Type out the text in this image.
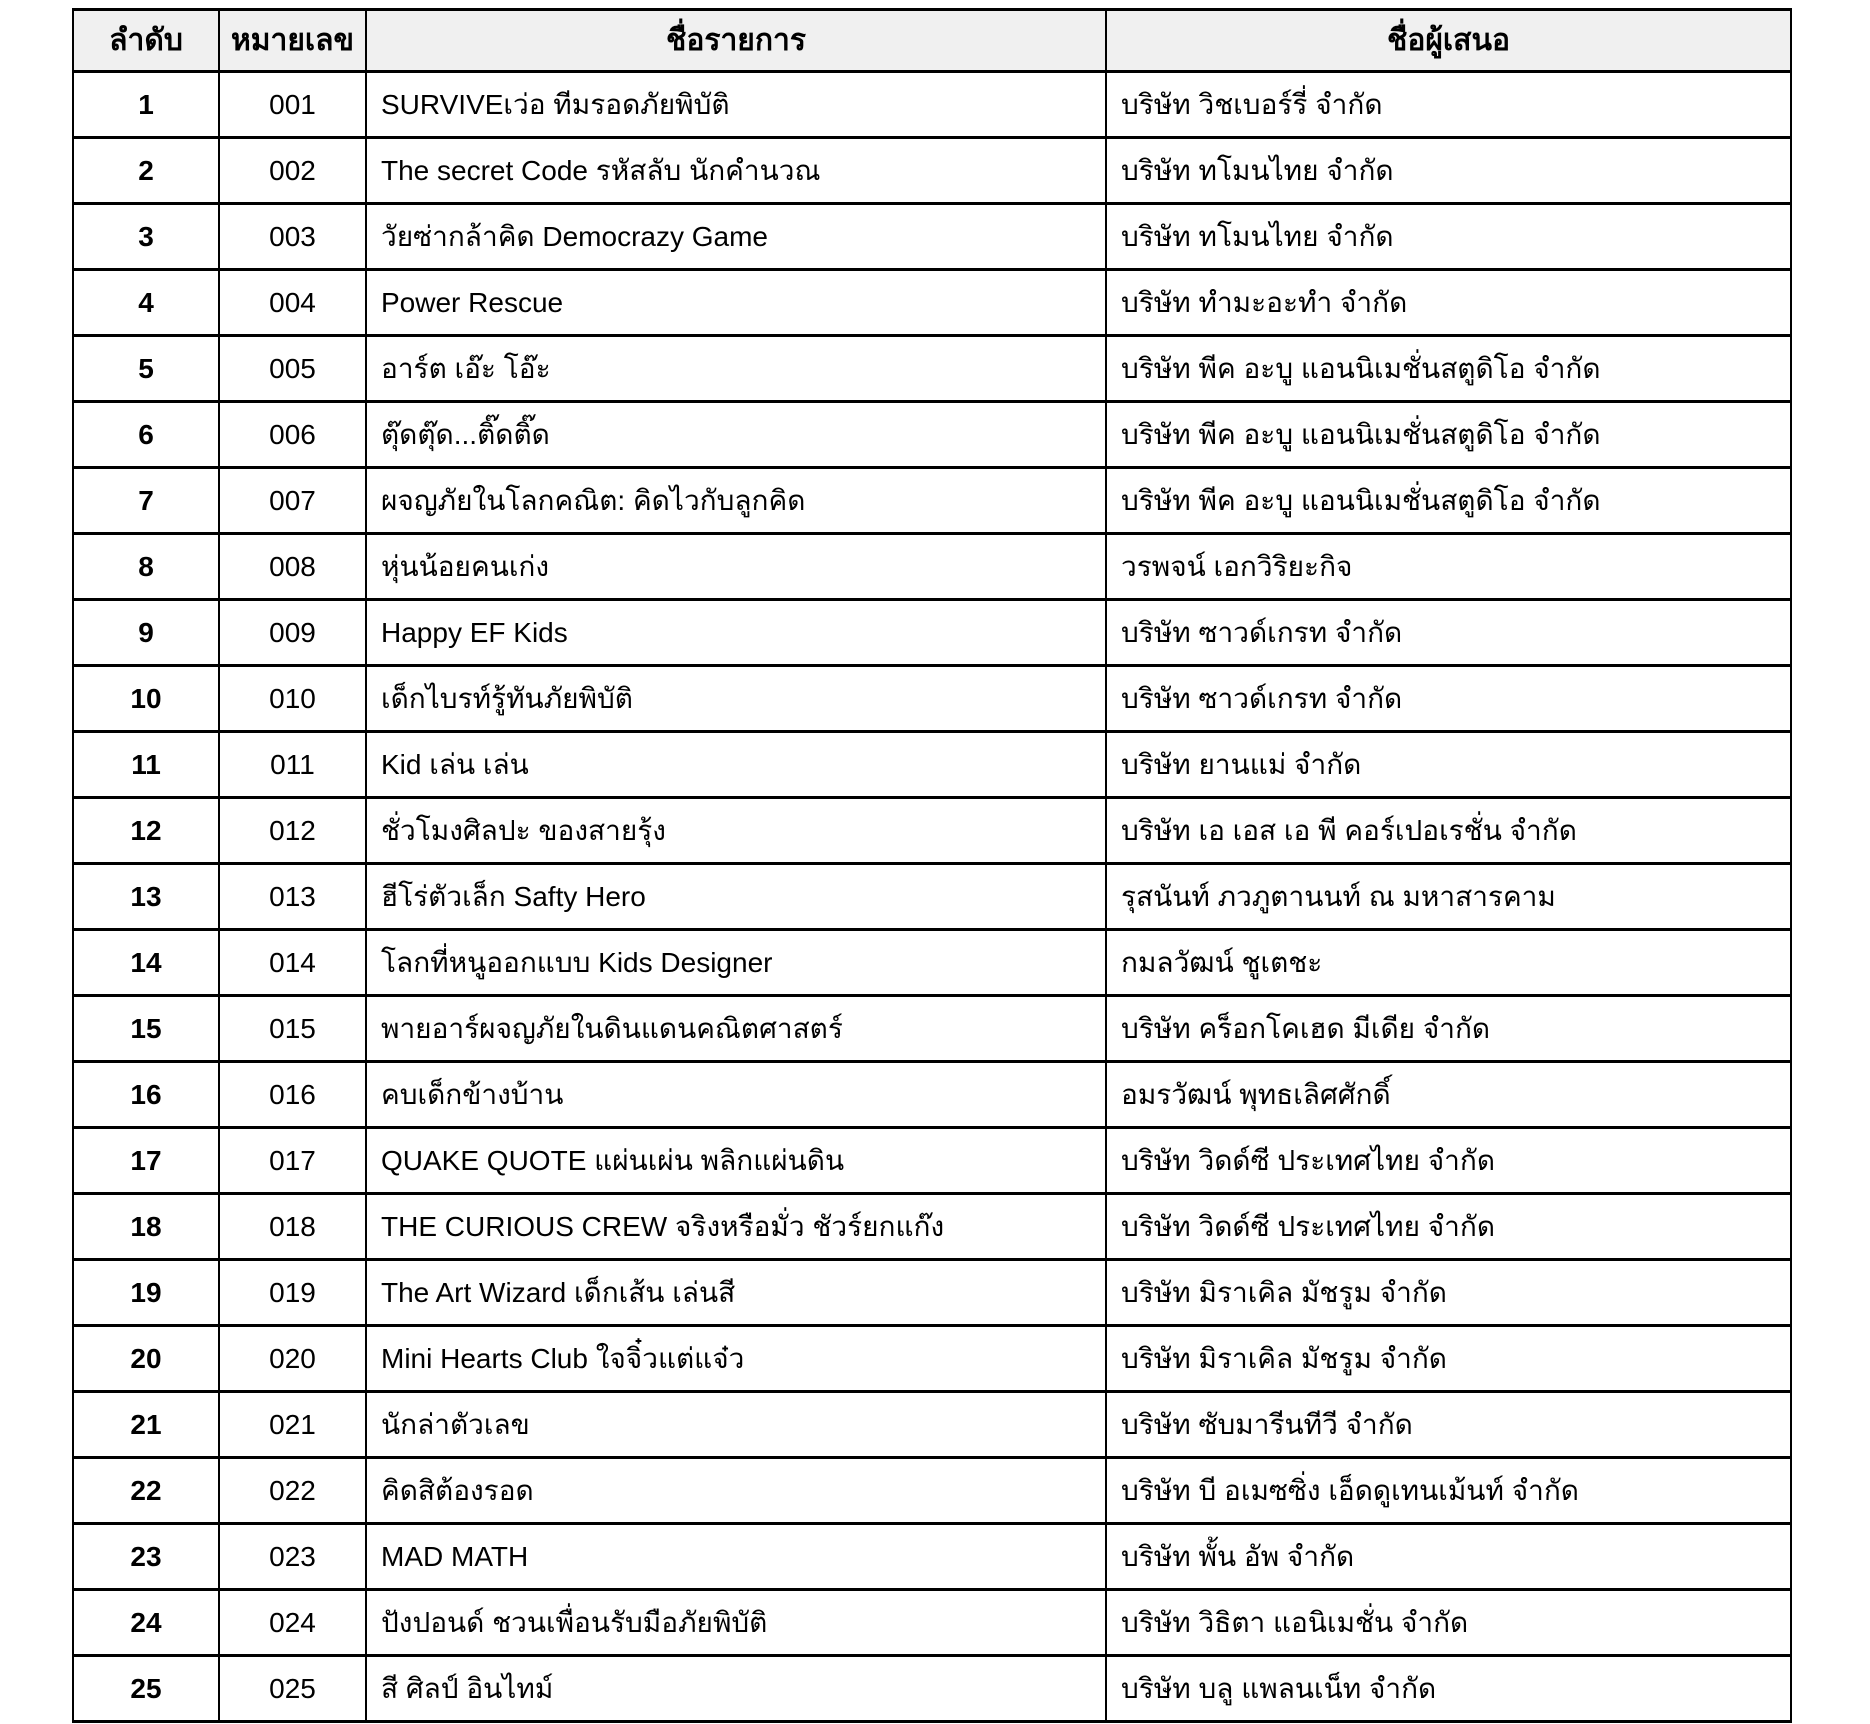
ลำดับ	หมายเลข	ชื่อรายการ	ชื่อผู้เสนอ
1	001	SURVIVEเว่อ ทีมรอดภัยพิบัติ	บริษัท วิชเบอร์รี่ จำกัด
2	002	The secret Code รหัสลับ นักคำนวณ	บริษัท ทโมนไทย จำกัด
3	003	วัยซ่ากล้าคิด Democrazy Game	บริษัท ทโมนไทย จำกัด
4	004	Power Rescue	บริษัท ทำมะอะทำ จำกัด
5	005	อาร์ต เอ๊ะ โอ๊ะ	บริษัท พีค อะบู แอนนิเมชั่นสตูดิโอ จำกัด
6	006	ตุ๊ดตุ๊ด...ติ๊ดติ๊ด	บริษัท พีค อะบู แอนนิเมชั่นสตูดิโอ จำกัด
7	007	ผจญภัยในโลกคณิต: คิดไวกับลูกคิด	บริษัท พีค อะบู แอนนิเมชั่นสตูดิโอ จำกัด
8	008	หุ่นน้อยคนเก่ง	วรพจน์ เอกวิริยะกิจ
9	009	Happy EF Kids	บริษัท ซาวด์เกรท จำกัด
10	010	เด็กไบรท์รู้ทันภัยพิบัติ	บริษัท ซาวด์เกรท จำกัด
11	011	Kid เล่น เล่น	บริษัท ยานแม่ จำกัด
12	012	ชั่วโมงศิลปะ ของสายรุ้ง	บริษัท เอ เอส เอ พี คอร์เปอเรชั่น จำกัด
13	013	ฮีโร่ตัวเล็ก Safty Hero	รุสนันท์ ภวภูตานนท์ ณ มหาสารคาม
14	014	โลกที่หนูออกแบบ Kids Designer	กมลวัฒน์ ชูเตชะ
15	015	พายอาร์ผจญภัยในดินแดนคณิตศาสตร์	บริษัท คร็อกโคเฮด มีเดีย จำกัด
16	016	คบเด็กข้างบ้าน	อมรวัฒน์ พุทธเลิศศักดิ์
17	017	QUAKE QUOTE แผ่นเผ่น พลิกแผ่นดิน	บริษัท วิดด์ซี ประเทศไทย จำกัด
18	018	THE CURIOUS CREW จริงหรือมั่ว ชัวร์ยกแก๊ง	บริษัท วิดด์ซี ประเทศไทย จำกัด
19	019	The Art Wizard เด็กเส้น เล่นสี	บริษัท มิราเคิล มัชรูม จำกัด
20	020	Mini Hearts Club ใจจิ๋วแต่แจ๋ว	บริษัท มิราเคิล มัชรูม จำกัด
21	021	นักล่าตัวเลข	บริษัท ซับมารีนทีวี จำกัด
22	022	คิดสิต้องรอด	บริษัท บี อเมซซิ่ง เอ็ดดูเทนเม้นท์ จำกัด
23	023	MAD MATH	บริษัท พั้น อัพ จำกัด
24	024	ปังปอนด์ ชวนเพื่อนรับมือภัยพิบัติ	บริษัท วิธิตา แอนิเมชั่น จำกัด
25	025	สี ศิลป์ อินไทม์	บริษัท บลู แพลนเน็ท จำกัด
